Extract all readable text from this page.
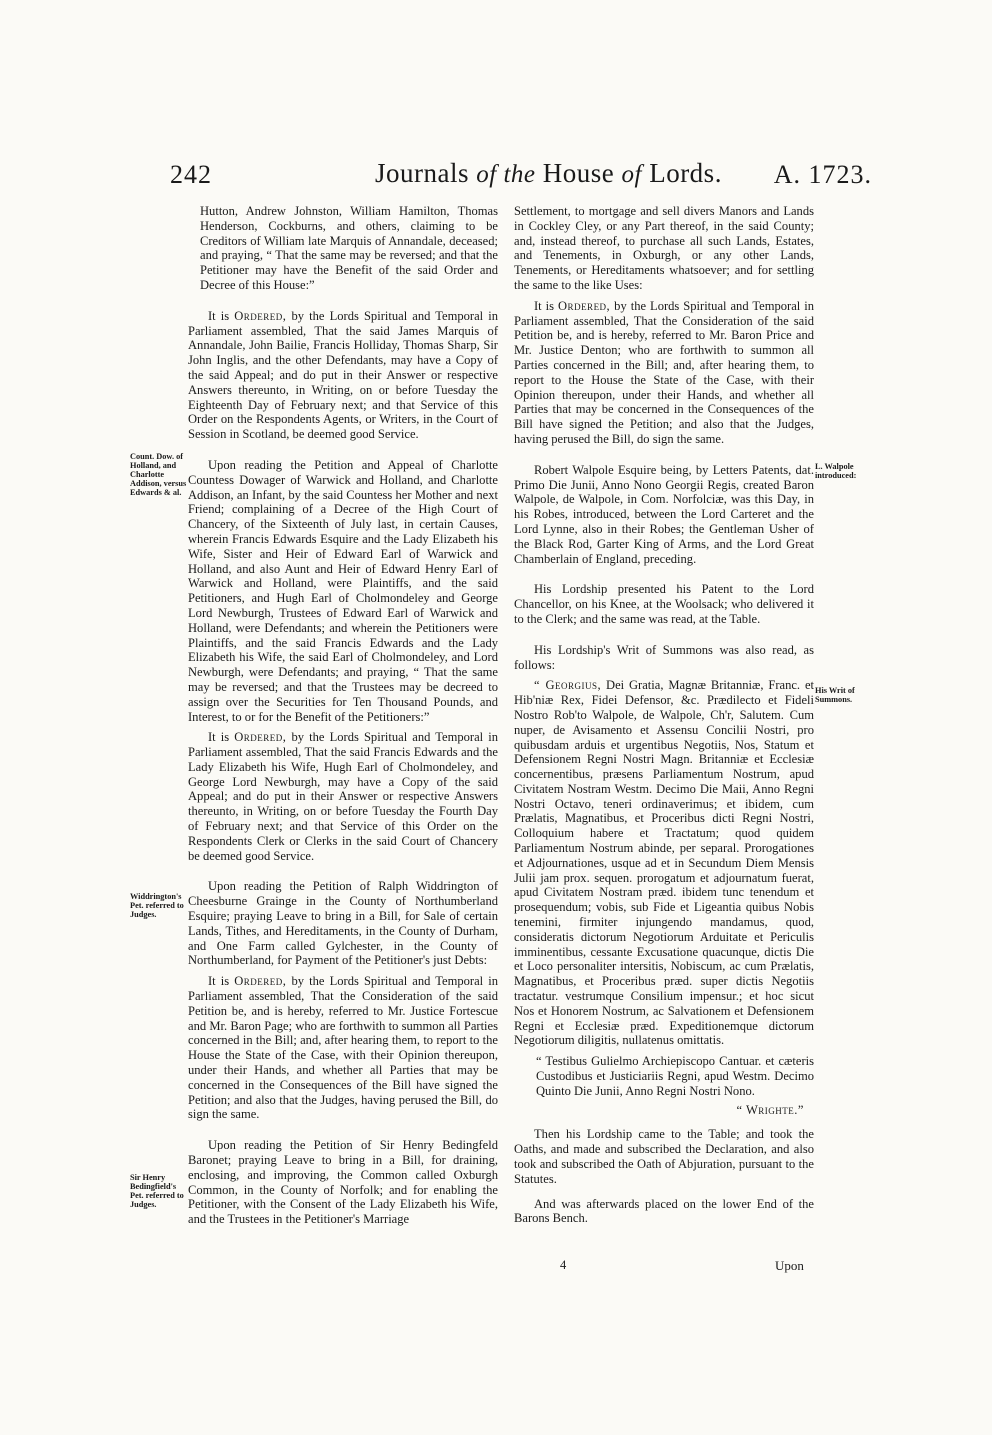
242	Journals of the House of Lords. A. 1723.

Hutton, Andrew Johnston, William Hamilton, Thomas Henderson, Cockburns, and others, claiming to be Creditors of William late Marquis of Annandale, deceased; and praying, “ That the same may be reversed; and that the Petitioner may have the Benefit of the said Order and Decree of this House:”

It is Ordered, by the Lords Spiritual and Temporal in Parliament assembled, That the said James Marquis of Annandale, John Bailie, Francis Holliday, Thomas Sharp, Sir John Inglis, and the other Defendants, may have a Copy of the said Appeal; and do put in their Answer or respective Answers thereunto, in Writing, on or before Tuesday the Eighteenth Day of February next; and that Service of this Order on the Respondents Agents, or Writers, in the Court of Session in Scotland, be deemed good Service.

Upon reading the Petition and Appeal of Charlotte Countess Dowager of Warwick and Holland, and Charlotte Addison, an Infant, by the said Countess her Mother and next Friend; complaining of a Decree of the High Court of Chancery, of the Sixteenth of July last, in certain Causes, wherein Francis Edwards Esquire and the Lady Elizabeth his Wife, Sister and Heir of Edward Earl of Warwick and Holland, and also Aunt and Heir of Edward Henry Earl of Warwick and Holland, were Plaintiffs, and the said Petitioners, and Hugh Earl of Cholmondeley and George Lord Newburgh, Trustees of Edward Earl of Warwick and Holland, were Defendants; and wherein the Petitioners were Plaintiffs, and the said Francis Edwards and the Lady Elizabeth his Wife, the said Earl of Cholmondeley, and Lord Newburgh, were Defendants; and praying, “ That the same may be reversed; and that the Trustees may be decreed to assign over the Securities for Ten Thousand Pounds, and Interest, to or for the Benefit of the Petitioners:”

It is Ordered, by the Lords Spiritual and Temporal in Parliament assembled, That the said Francis Edwards and the Lady Elizabeth his Wife, Hugh Earl of Cholmondeley, and George Lord Newburgh, may have a Copy of the said Appeal; and do put in their Answer or respective Answers thereunto, in Writing, on or before Tuesday the Fourth Day of February next; and that Service of this Order on the Respondents Clerk or Clerks in the said Court of Chancery be deemed good Service.

Upon reading the Petition of Ralph Widdrington of Cheesburne Grainge in the County of Northumberland Esquire; praying Leave to bring in a Bill, for Sale of certain Lands, Tithes, and Hereditaments, in the County of Durham, and One Farm called Gylchester, in the County of Northumberland, for Payment of the Petitioner's just Debts:

It is Ordered, by the Lords Spiritual and Temporal in Parliament assembled, That the Consideration of the said Petition be, and is hereby, referred to Mr. Justice Fortescue and Mr. Baron Page; who are forthwith to summon all Parties concerned in the Bill; and, after hearing them, to report to the House the State of the Case, with their Opinion thereupon, under their Hands, and whether all Parties that may be concerned in the Consequences of the Bill have signed the Petition; and also that the Judges, having perused the Bill, do sign the same.

Upon reading the Petition of Sir Henry Bedingfeld Baronet; praying Leave to bring in a Bill, for draining, enclosing, and improving, the Common called Oxburgh Common, in the County of Norfolk; and for enabling the Petitioner, with the Consent of the Lady Elizabeth his Wife, and the Trustees in the Petitioner's Marriage

Settlement, to mortgage and sell divers Manors and Lands in Cockley Cley, or any Part thereof, in the said County; and, instead thereof, to purchase all such Lands, Estates, and Tenements, in Oxburgh, or any other Lands, Tenements, or Hereditaments whatsoever; and for settling the same to the like Uses:

It is Ordered, by the Lords Spiritual and Temporal in Parliament assembled, That the Consideration of the said Petition be, and is hereby, referred to Mr. Baron Price and Mr. Justice Denton; who are forthwith to summon all Parties concerned in the Bill; and, after hearing them, to report to the House the State of the Case, with their Opinion thereupon, under their Hands, and whether all Parties that may be concerned in the Consequences of the Bill have signed the Petition; and also that the Judges, having perused the Bill, do sign the same.

Robert Walpole Esquire being, by Letters Patents, dat. Primo Die Junii, Anno Nono Georgii Regis, created Baron Walpole, de Walpole, in Com. Norfolciæ, was this Day, in his Robes, introduced, between the Lord Carteret and the Lord Lynne, also in their Robes; the Gentleman Usher of the Black Rod, Garter King of Arms, and the Lord Great Chamberlain of England, preceding.

His Lordship presented his Patent to the Lord Chancellor, on his Knee, at the Woolsack; who delivered it to the Clerk; and the same was read, at the Table.

His Lordship's Writ of Summons was also read, as follows:

“ Georgius, Dei Gratia, Magnæ Britanniæ, Franc. et Hib'niæ Rex, Fidei Defensor, &c. Prædilecto et Fideli Nostro Rob'to Walpole, de Walpole, Ch'r, Salutem. Cum nuper, de Avisamento et Assensu Concilii Nostri, pro quibusdam arduis et urgentibus Negotiis, Nos, Statum et Defensionem Regni Nostri Magn. Britanniæ et Ecclesiæ concernentibus, præsens Parliamentum Nostrum, apud Civitatem Nostram Westm. Decimo Die Maii, Anno Regni Nostri Octavo, teneri ordinaverimus; et ibidem, cum Prælatis, Magnatibus, et Proceribus dicti Regni Nostri, Colloquium habere et Tractatum; quod quidem Parliamentum Nostrum abinde, per separal. Prorogationes et Adjournationes, usque ad et in Secundum Diem Mensis Julii jam prox. sequen. prorogatum et adjournatum fuerat, apud Civitatem Nostram præd. ibidem tunc tenendum et prosequendum; vobis, sub Fide et Ligeantia quibus Nobis tenemini, firmiter injungendo mandamus, quod, consideratis dictorum Negotiorum Arduitate et Periculis imminentibus, cessante Excusatione quacunque, dictis Die et Loco personaliter intersitis, Nobiscum, ac cum Prælatis, Magnatibus, et Proceribus præd. super dictis Negotiis tractatur. vestrumque Consilium impensur.; et hoc sicut Nos et Honorem Nostrum, ac Salvationem et Defensionem Regni et Ecclesiæ præd. Expeditionemque dictorum Negotiorum diligitis, nullatenus omittatis.

“ Testibus Gulielmo Archiepiscopo Cantuar. et cæteris Custodibus et Justiciariis Regni, apud Westm. Decimo Quinto Die Junii, Anno Regni Nostri Nono.

“ Wrighte.”

Then his Lordship came to the Table; and took the Oaths, and made and subscribed the Declaration, and also took and subscribed the Oath of Abjuration, pursuant to the Statutes.

And was afterwards placed on the lower End of the Barons Bench.

Count. Dow. of Holland, and Charlotte Addison, versus Edwards & al.
Widdrington's Pet. referred to Judges.
Sir Henry Bedingfield's Pet. referred to Judges.
L. Walpole introduced:
His Writ of Summons.
4	Upon
